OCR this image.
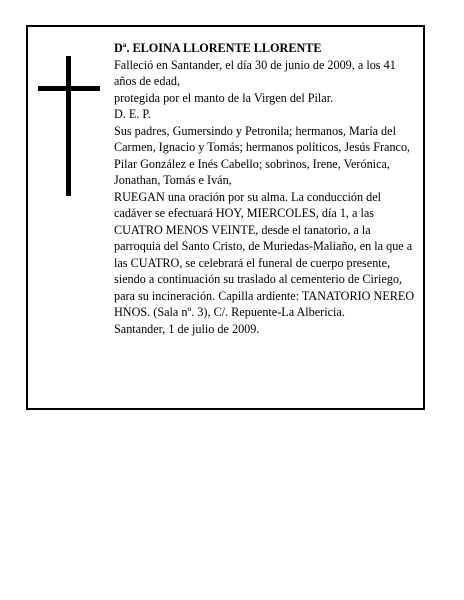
Dª. ELOINA LLORENTE LLORENTE

Falleció en Santander, el día 30 de junio de 2009, a los 41 años de edad,

protegida por el manto de la Virgen del Pilar.

D. E. P.

Sus padres, Gumersindo y Petronila; hermanos, María del Carmen, Ignacio y Tomás; hermanos políticos, Jesús Franco, Pilar González e Inés Cabello; sobrinos, Irene, Verónica, Jonathan, Tomás e Iván,

RUEGAN una oración por su alma. La conducción del cadáver se efectuará HOY, MIERCOLES, día 1, a las CUATRO MENOS VEINTE, desde el tanatorio, a la parroquia del Santo Cristo, de Muriedas-Maliaño, en la que a las CUATRO, se celebrará el funeral de cuerpo presente, siendo a continuación su traslado al cementerio de Ciriego, para su incineración. Capilla ardiente: TANATORIO NEREO HNOS. (Sala nº. 3), C/. Repuente-La Albericia.

Santander, 1 de julio de 2009.
